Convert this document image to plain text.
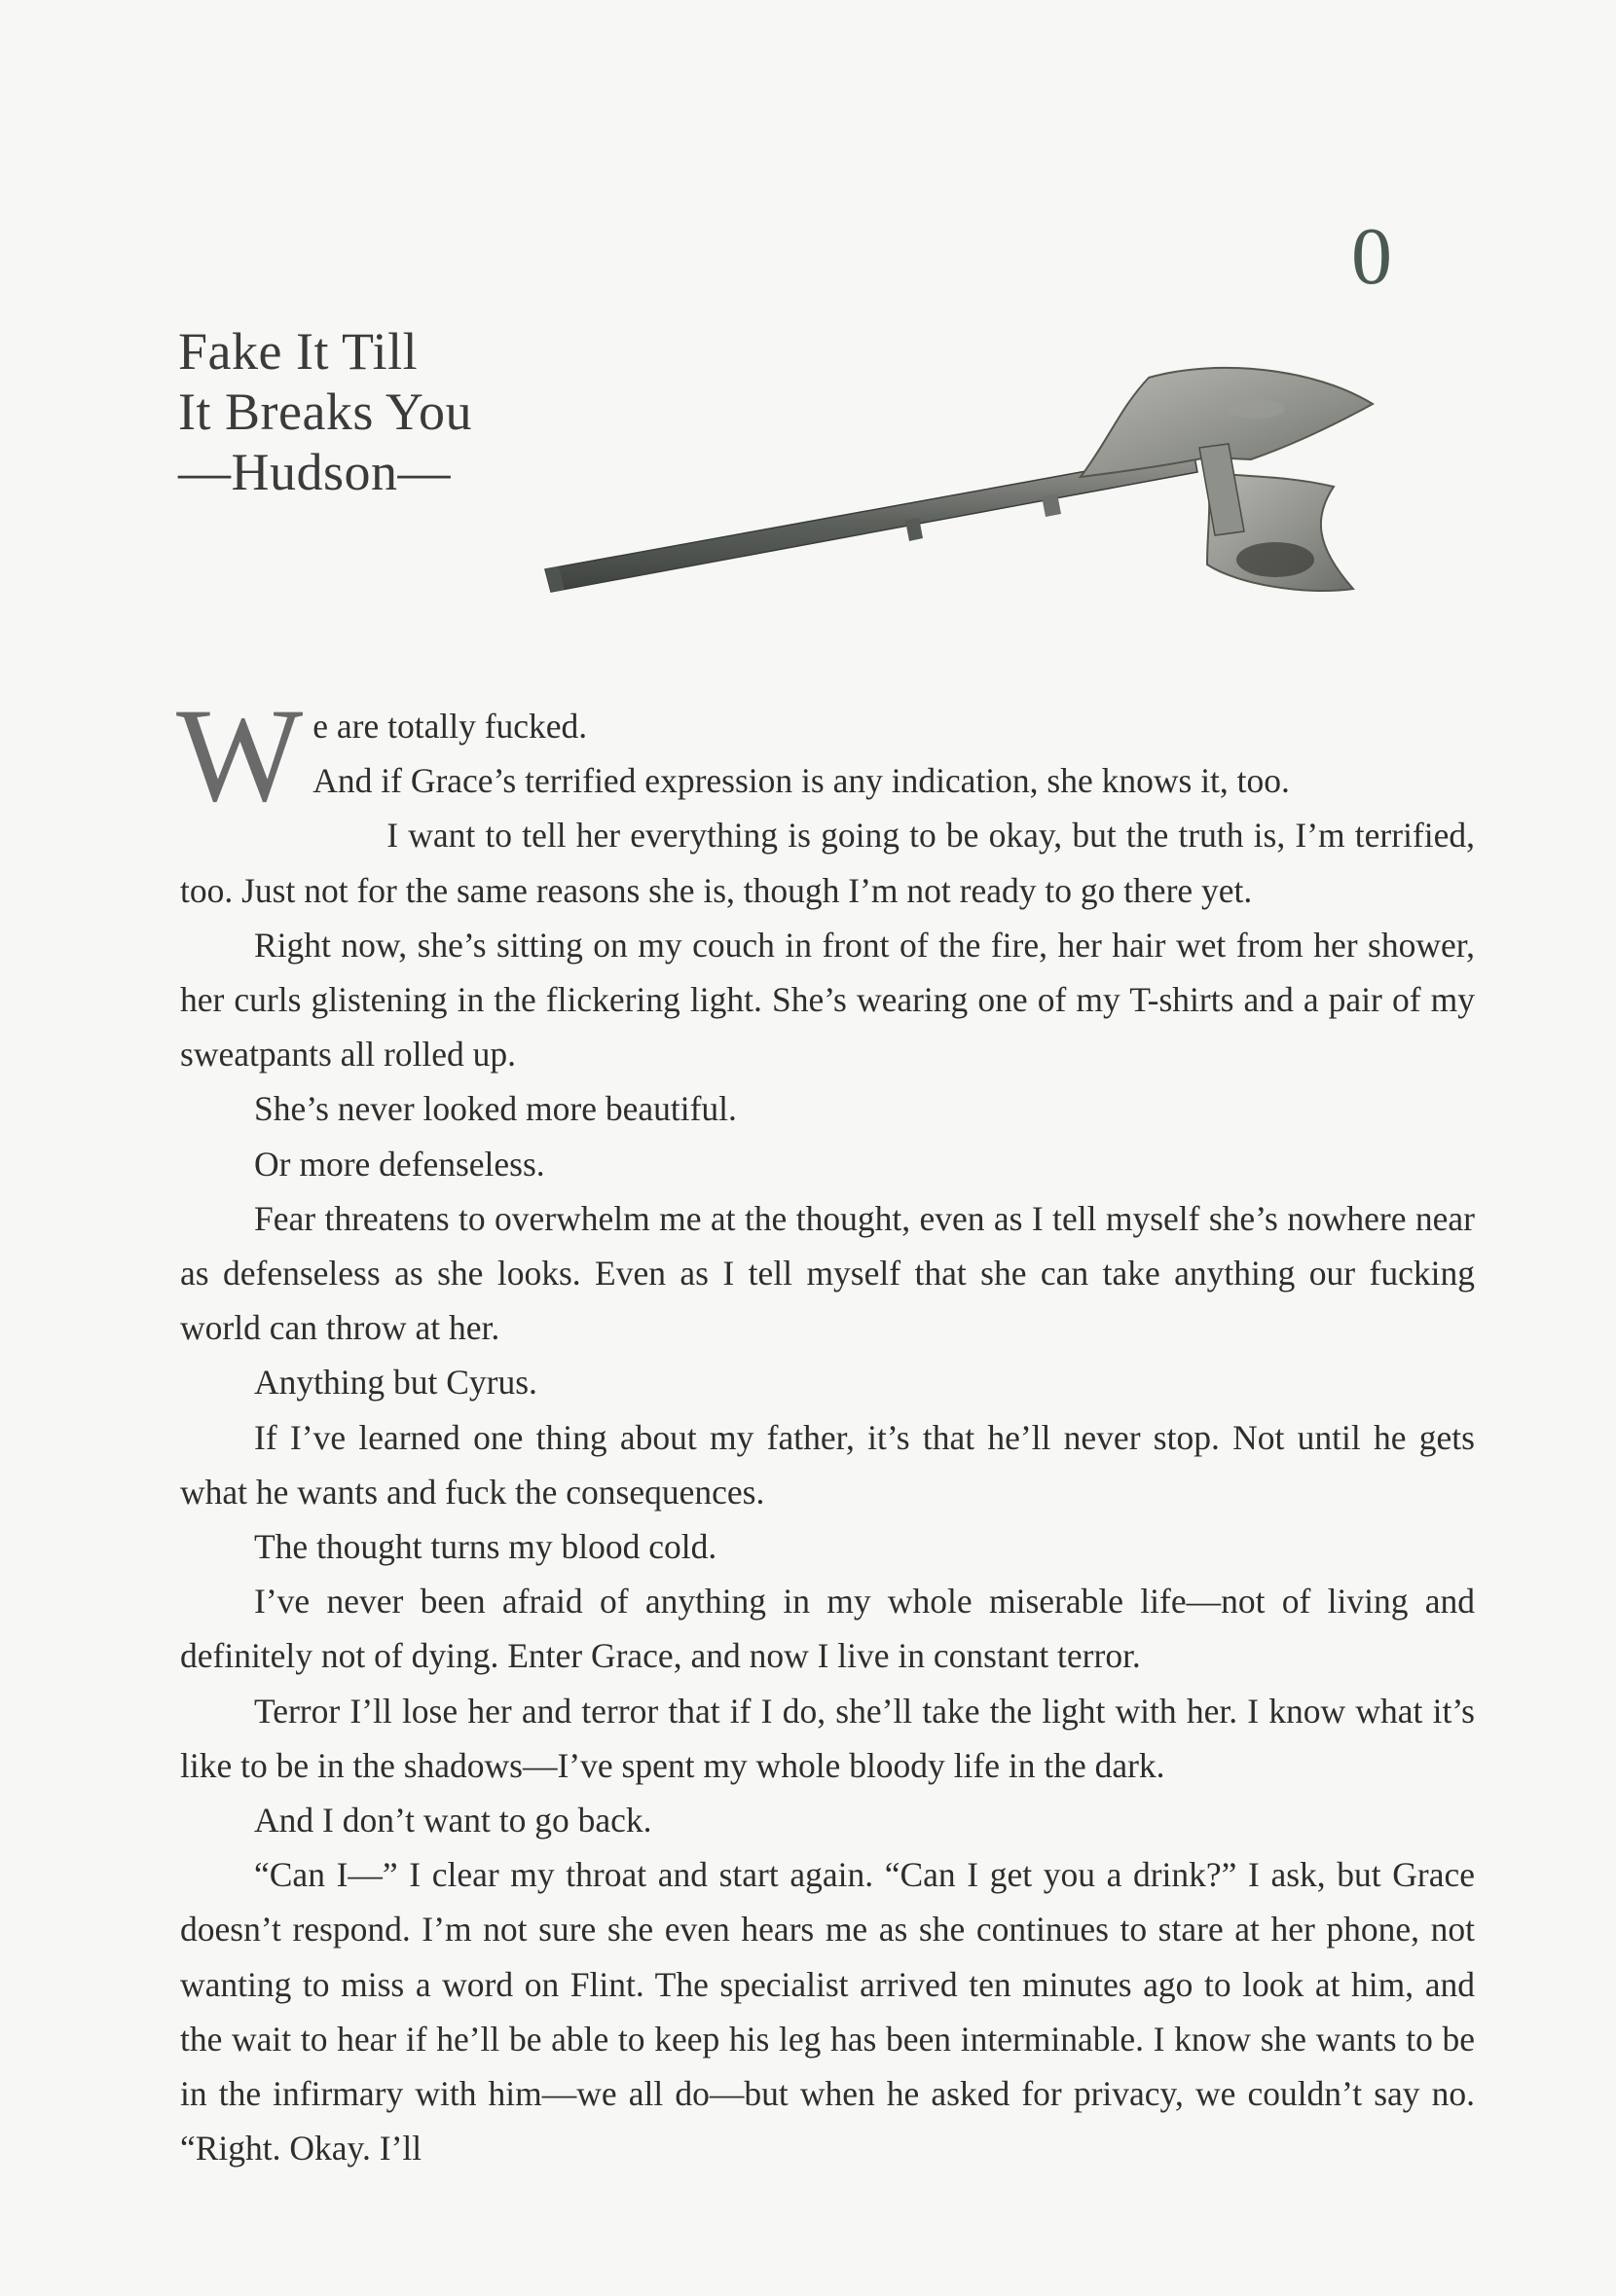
0
Fake It Till
It Breaks You
—Hudson—

We are totally fucked.
And if Grace’s terrified expression is any indication, she knows it, too.

I want to tell her everything is going to be okay, but the truth is, I’m terrified, too. Just not for the same reasons she is, though I’m not ready to go there yet.

Right now, she’s sitting on my couch in front of the fire, her hair wet from her shower, her curls glistening in the flickering light. She’s wearing one of my T-shirts and a pair of my sweatpants all rolled up.

She’s never looked more beautiful.

Or more defenseless.

Fear threatens to overwhelm me at the thought, even as I tell myself she’s nowhere near as defenseless as she looks. Even as I tell myself that she can take anything our fucking world can throw at her.

Anything but Cyrus.

If I’ve learned one thing about my father, it’s that he’ll never stop. Not until he gets what he wants and fuck the consequences.

The thought turns my blood cold.

I’ve never been afraid of anything in my whole miserable life—not of living and definitely not of dying. Enter Grace, and now I live in constant terror.

Terror I’ll lose her and terror that if I do, she’ll take the light with her. I know what it’s like to be in the shadows—I’ve spent my whole bloody life in the dark.

And I don’t want to go back.

“Can I—” I clear my throat and start again. “Can I get you a drink?” I ask, but Grace doesn’t respond. I’m not sure she even hears me as she continues to stare at her phone, not wanting to miss a word on Flint. The specialist arrived ten minutes ago to look at him, and the wait to hear if he’ll be able to keep his leg has been interminable. I know she wants to be in the infirmary with him—we all do—but when he asked for privacy, we couldn’t say no. “Right. Okay. I’ll
